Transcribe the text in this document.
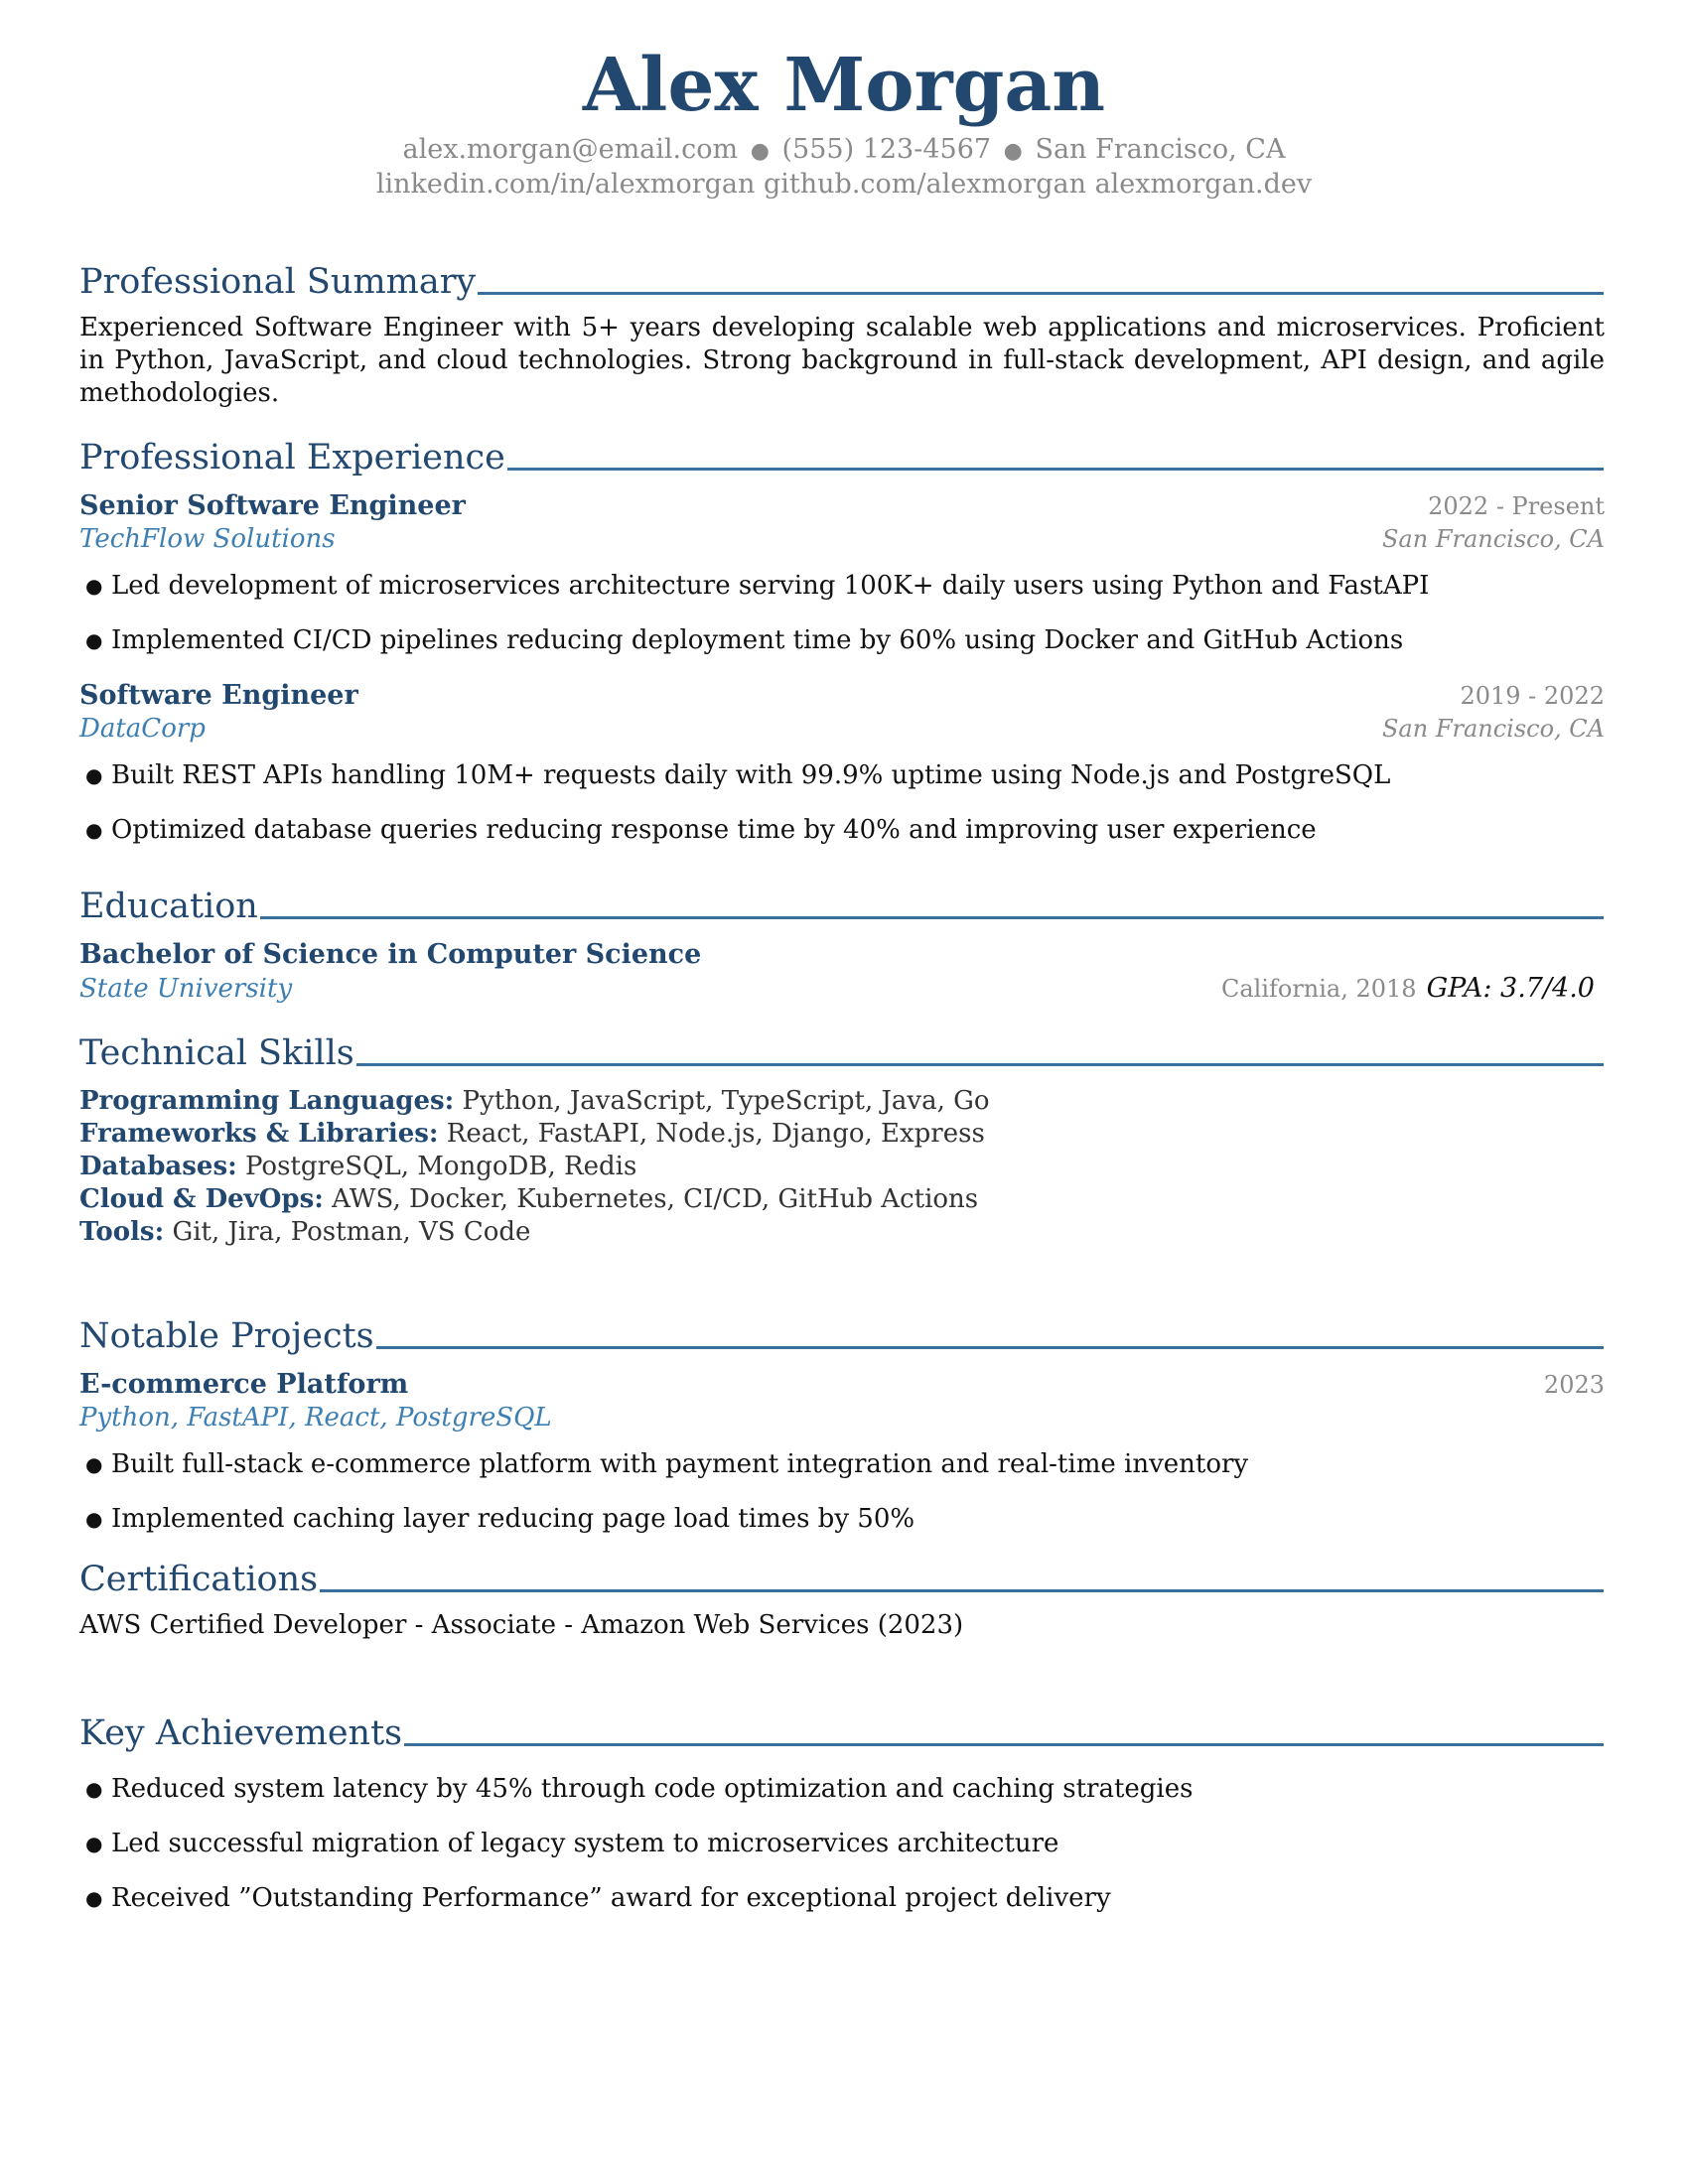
Alex Morgan
alex.morgan@email.com ● (555) 123-4567 ● San Francisco, CA
linkedin.com/in/alexmorgan github.com/alexmorgan alexmorgan.dev
Professional Summary
Experienced Software Engineer with 5+ years developing scalable web applications and microservices. Proficient in Python, JavaScript, and cloud technologies. Strong background in full-stack development, API design, and agile methodologies.
Professional Experience
Senior Software Engineer	2022 - Present
TechFlow Solutions	San Francisco, CA
● Led development of microservices architecture serving 100K+ daily users using Python and FastAPI
● Implemented CI/CD pipelines reducing deployment time by 60% using Docker and GitHub Actions
Software Engineer	2019 - 2022
DataCorp	San Francisco, CA
● Built REST APIs handling 10M+ requests daily with 99.9% uptime using Node.js and PostgreSQL
● Optimized database queries reducing response time by 40% and improving user experience
Education
Bachelor of Science in Computer Science
State University	California, 2018 GPA: 3.7/4.0
Technical Skills
Programming Languages: Python, JavaScript, TypeScript, Java, Go
Frameworks & Libraries: React, FastAPI, Node.js, Django, Express
Databases: PostgreSQL, MongoDB, Redis
Cloud & DevOps: AWS, Docker, Kubernetes, CI/CD, GitHub Actions
Tools: Git, Jira, Postman, VS Code
Notable Projects
E-commerce Platform	2023
Python, FastAPI, React, PostgreSQL
● Built full-stack e-commerce platform with payment integration and real-time inventory
● Implemented caching layer reducing page load times by 50%
Certifications
AWS Certified Developer - Associate - Amazon Web Services (2023)
Key Achievements
● Reduced system latency by 45% through code optimization and caching strategies
● Led successful migration of legacy system to microservices architecture
● Received ”Outstanding Performance” award for exceptional project delivery
